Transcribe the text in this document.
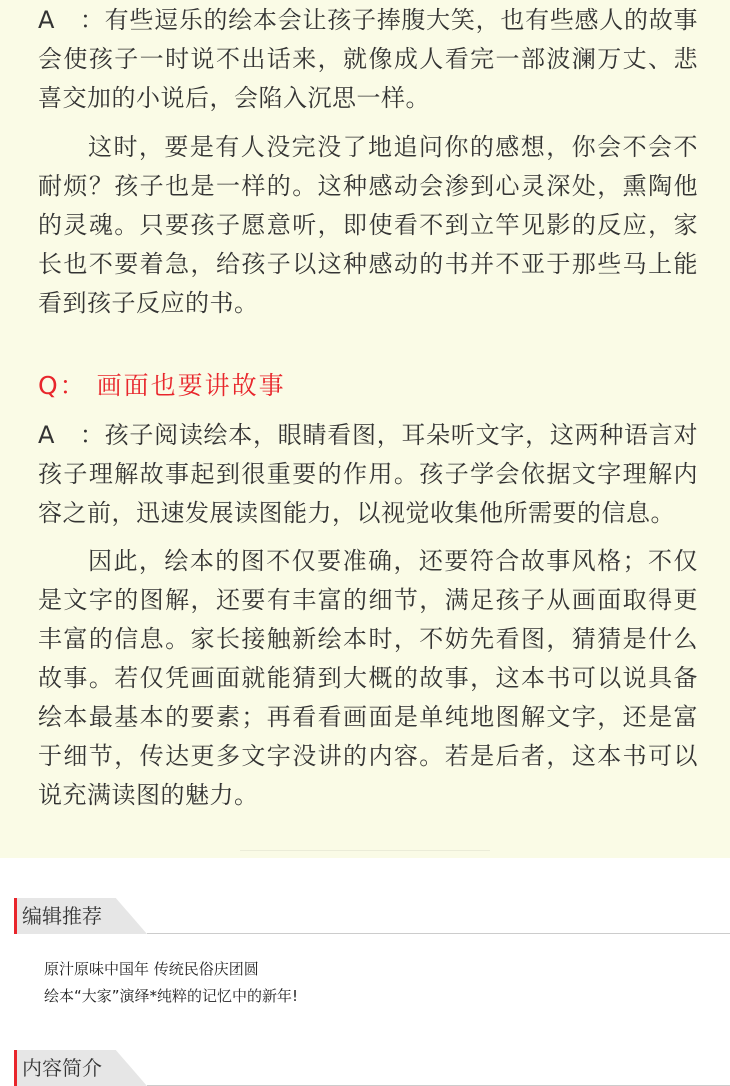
A　：有些逗乐的绘本会让孩子捧腹大笑，也有些感人的故事会使孩子一时说不出话来，就像成人看完一部波澜万丈、悲喜交加的小说后，会陷入沉思一样。

这时，要是有人没完没了地追问你的感想，你会不会不耐烦？孩子也是一样的。这种感动会渗到心灵深处，熏陶他的灵魂。只要孩子愿意听，即使看不到立竿见影的反应，家长也不要着急，给孩子以这种感动的书并不亚于那些马上能看到孩子反应的书。

Q： 画面也要讲故事

A　：孩子阅读绘本，眼睛看图，耳朵听文字，这两种语言对孩子理解故事起到很重要的作用。孩子学会依据文字理解内容之前，迅速发展读图能力，以视觉收集他所需要的信息。

因此，绘本的图不仅要准确，还要符合故事风格；不仅是文字的图解，还要有丰富的细节，满足孩子从画面取得更丰富的信息。家长接触新绘本时，不妨先看图，猜猜是什么故事。若仅凭画面就能猜到大概的故事，这本书可以说具备绘本最基本的要素；再看看画面是单纯地图解文字，还是富于细节，传达更多文字没讲的内容。若是后者，这本书可以说充满读图的魅力。

编辑推荐

原汁原味中国年 传统民俗庆团圆
绘本“大家”演绎*纯粹的记忆中的新年!

内容简介
